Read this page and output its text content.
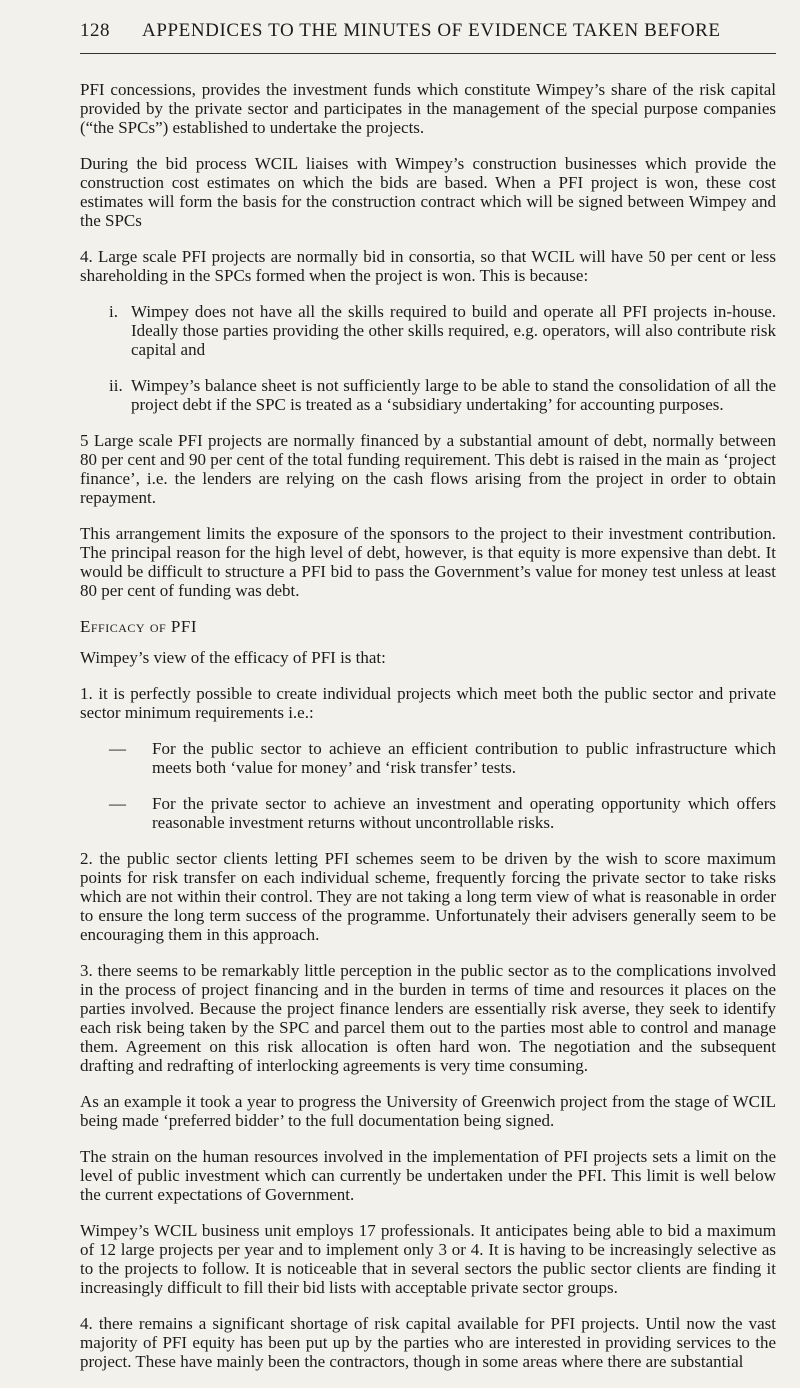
128 APPENDICES TO THE MINUTES OF EVIDENCE TAKEN BEFORE

PFI concessions, provides the investment funds which constitute Wimpey’s share of the risk capital provided by the private sector and participates in the management of the special purpose companies (“the SPCs”) established to undertake the projects.

During the bid process WCIL liaises with Wimpey’s construction businesses which provide the construction cost estimates on which the bids are based. When a PFI project is won, these cost estimates will form the basis for the construction contract which will be signed between Wimpey and the SPCs

4. Large scale PFI projects are normally bid in consortia, so that WCIL will have 50 per cent or less shareholding in the SPCs formed when the project is won. This is because:

i. Wimpey does not have all the skills required to build and operate all PFI projects in-house. Ideally those parties providing the other skills required, e.g. operators, will also contribute risk capital and
ii. Wimpey’s balance sheet is not sufficiently large to be able to stand the consolidation of all the project debt if the SPC is treated as a ‘subsidiary undertaking’ for accounting purposes.

5 Large scale PFI projects are normally financed by a substantial amount of debt, normally between 80 per cent and 90 per cent of the total funding requirement. This debt is raised in the main as ‘project finance’, i.e. the lenders are relying on the cash flows arising from the project in order to obtain repayment.

This arrangement limits the exposure of the sponsors to the project to their investment contribution. The principal reason for the high level of debt, however, is that equity is more expensive than debt. It would be difficult to structure a PFI bid to pass the Government’s value for money test unless at least 80 per cent of funding was debt.

Efficacy of PFI

Wimpey’s view of the efficacy of PFI is that:

1. it is perfectly possible to create individual projects which meet both the public sector and private sector minimum requirements i.e.:

—	For the public sector to achieve an efficient contribution to public infrastructure which meets both ‘value for money’ and ‘risk transfer’ tests.
—	For the private sector to achieve an investment and operating opportunity which offers reasonable investment returns without uncontrollable risks.

2. the public sector clients letting PFI schemes seem to be driven by the wish to score maximum points for risk transfer on each individual scheme, frequently forcing the private sector to take risks which are not within their control. They are not taking a long term view of what is reasonable in order to ensure the long term success of the programme. Unfortunately their advisers generally seem to be encouraging them in this approach.

3. there seems to be remarkably little perception in the public sector as to the complications involved in the process of project financing and in the burden in terms of time and resources it places on the parties involved. Because the project finance lenders are essentially risk averse, they seek to identify each risk being taken by the SPC and parcel them out to the parties most able to control and manage them. Agreement on this risk allocation is often hard won. The negotiation and the subsequent drafting and redrafting of interlocking agreements is very time consuming.

As an example it took a year to progress the University of Greenwich project from the stage of WCIL being made ‘preferred bidder’ to the full documentation being signed.

The strain on the human resources involved in the implementation of PFI projects sets a limit on the level of public investment which can currently be undertaken under the PFI. This limit is well below the current expectations of Government.

Wimpey’s WCIL business unit employs 17 professionals. It anticipates being able to bid a maximum of 12 large projects per year and to implement only 3 or 4. It is having to be increasingly selective as to the projects to follow. It is noticeable that in several sectors the public sector clients are finding it increasingly difficult to fill their bid lists with acceptable private sector groups.

4. there remains a significant shortage of risk capital available for PFI projects. Until now the vast majority of PFI equity has been put up by the parties who are interested in providing services to the project. These have mainly been the contractors, though in some areas where there are substantial
